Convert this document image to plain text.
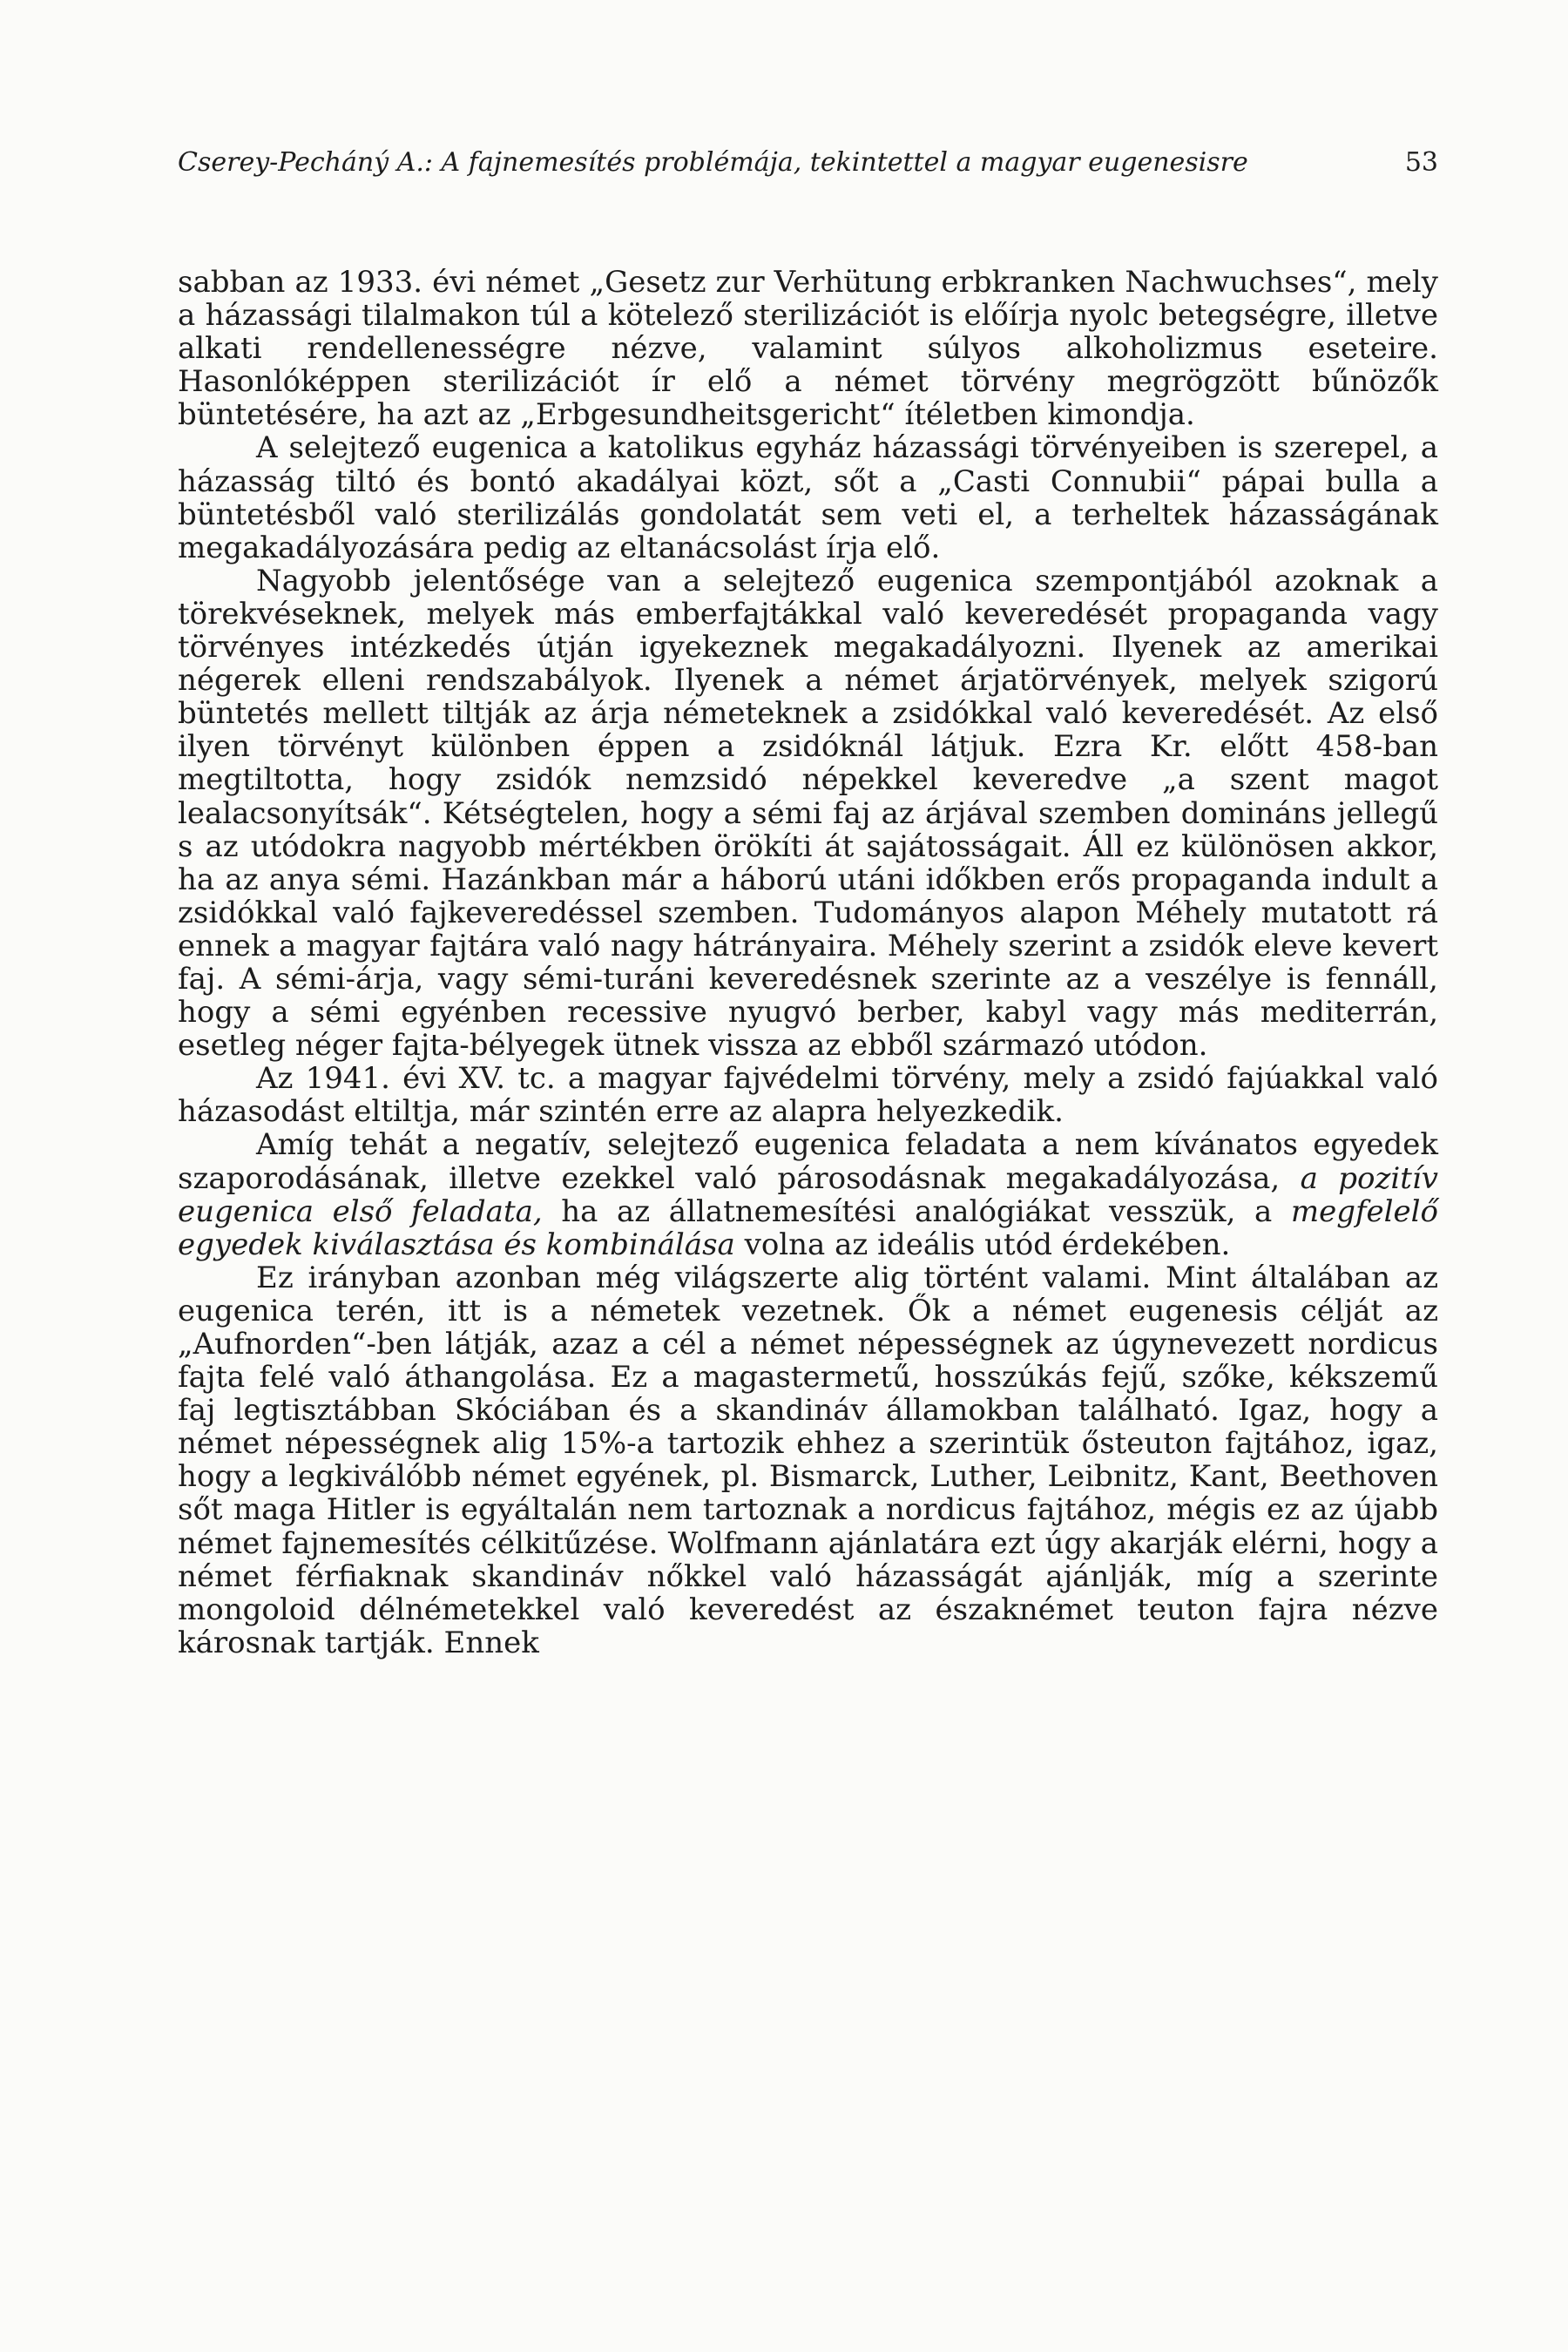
Cserey-Pecháný A.: A fajnemesítés problémája, tekintettel a magyar eugenesisre	53

sabban az 1933. évi német „Gesetz zur Verhütung erbkranken Nachwuchses“, mely a házassági tilalmakon túl a kötelező sterilizációt is előírja nyolc betegségre, illetve alkati rendellenességre nézve, valamint súlyos alkoholizmus eseteire. Hasonlóképpen sterilizációt ír elő a német törvény megrögzött bűnözők büntetésére, ha azt az „Erbgesundheitsgericht“ ítéletben kimondja.

A selejtező eugenica a katolikus egyház házassági törvényeiben is szerepel, a házasság tiltó és bontó akadályai közt, sőt a „Casti Connubii“ pápai bulla a büntetésből való sterilizálás gondolatát sem veti el, a terheltek házasságának megakadályozására pedig az eltanácsolást írja elő.

Nagyobb jelentősége van a selejtező eugenica szempontjából azoknak a törekvéseknek, melyek más emberfajtákkal való keveredését propaganda vagy törvényes intézkedés útján igyekeznek megakadályozni. Ilyenek az amerikai négerek elleni rendszabályok. Ilyenek a német árjatörvények, melyek szigorú büntetés mellett tiltják az árja németeknek a zsidókkal való keveredését. Az első ilyen törvényt különben éppen a zsidóknál látjuk. Ezra Kr. előtt 458-ban megtiltotta, hogy zsidók nemzsidó népekkel keveredve „a szent magot lealacsonyítsák“. Kétségtelen, hogy a sémi faj az árjával szemben domináns jellegű s az utódokra nagyobb mértékben örökíti át sajátosságait. Áll ez különösen akkor, ha az anya sémi. Hazánkban már a háború utáni időkben erős propaganda indult a zsidókkal való fajkeveredéssel szemben. Tudományos alapon Méhely mutatott rá ennek a magyar fajtára való nagy hátrányaira. Méhely szerint a zsidók eleve kevert faj. A sémi-árja, vagy sémi-turáni keveredésnek szerinte az a veszélye is fennáll, hogy a sémi egyénben recessive nyugvó berber, kabyl vagy más mediterrán, esetleg néger fajta-bélyegek ütnek vissza az ebből származó utódon.

Az 1941. évi XV. tc. a magyar fajvédelmi törvény, mely a zsidó fajúakkal való házasodást eltiltja, már szintén erre az alapra helyezkedik.

Amíg tehát a negatív, selejtező eugenica feladata a nem kívánatos egyedek szaporodásának, illetve ezekkel való párosodásnak megakadályozása, a pozitív eugenica első feladata, ha az állatnemesítési analógiákat vesszük, a megfelelő egyedek kiválasztása és kombinálása volna az ideális utód érdekében.

Ez irányban azonban még világszerte alig történt valami. Mint általában az eugenica terén, itt is a németek vezetnek. Ők a német eugenesis célját az „Aufnorden“-ben látják, azaz a cél a német népességnek az úgynevezett nordicus fajta felé való áthangolása. Ez a magastermetű, hosszúkás fejű, szőke, kékszemű faj legtisztábban Skóciában és a skandináv államokban található. Igaz, hogy a német népességnek alig 15%-a tartozik ehhez a szerintük ősteuton fajtához, igaz, hogy a legkiválóbb német egyének, pl. Bismarck, Luther, Leibnitz, Kant, Beethoven sőt maga Hitler is egyáltalán nem tartoznak a nordicus fajtához, mégis ez az újabb német fajnemesítés célkitűzése. Wolfmann ajánlatára ezt úgy akarják elérni, hogy a német férfiaknak skandináv nőkkel való házasságát ajánlják, míg a szerinte mongoloid délnémetekkel való keveredést az északnémet teuton fajra nézve károsnak tartják. Ennek
